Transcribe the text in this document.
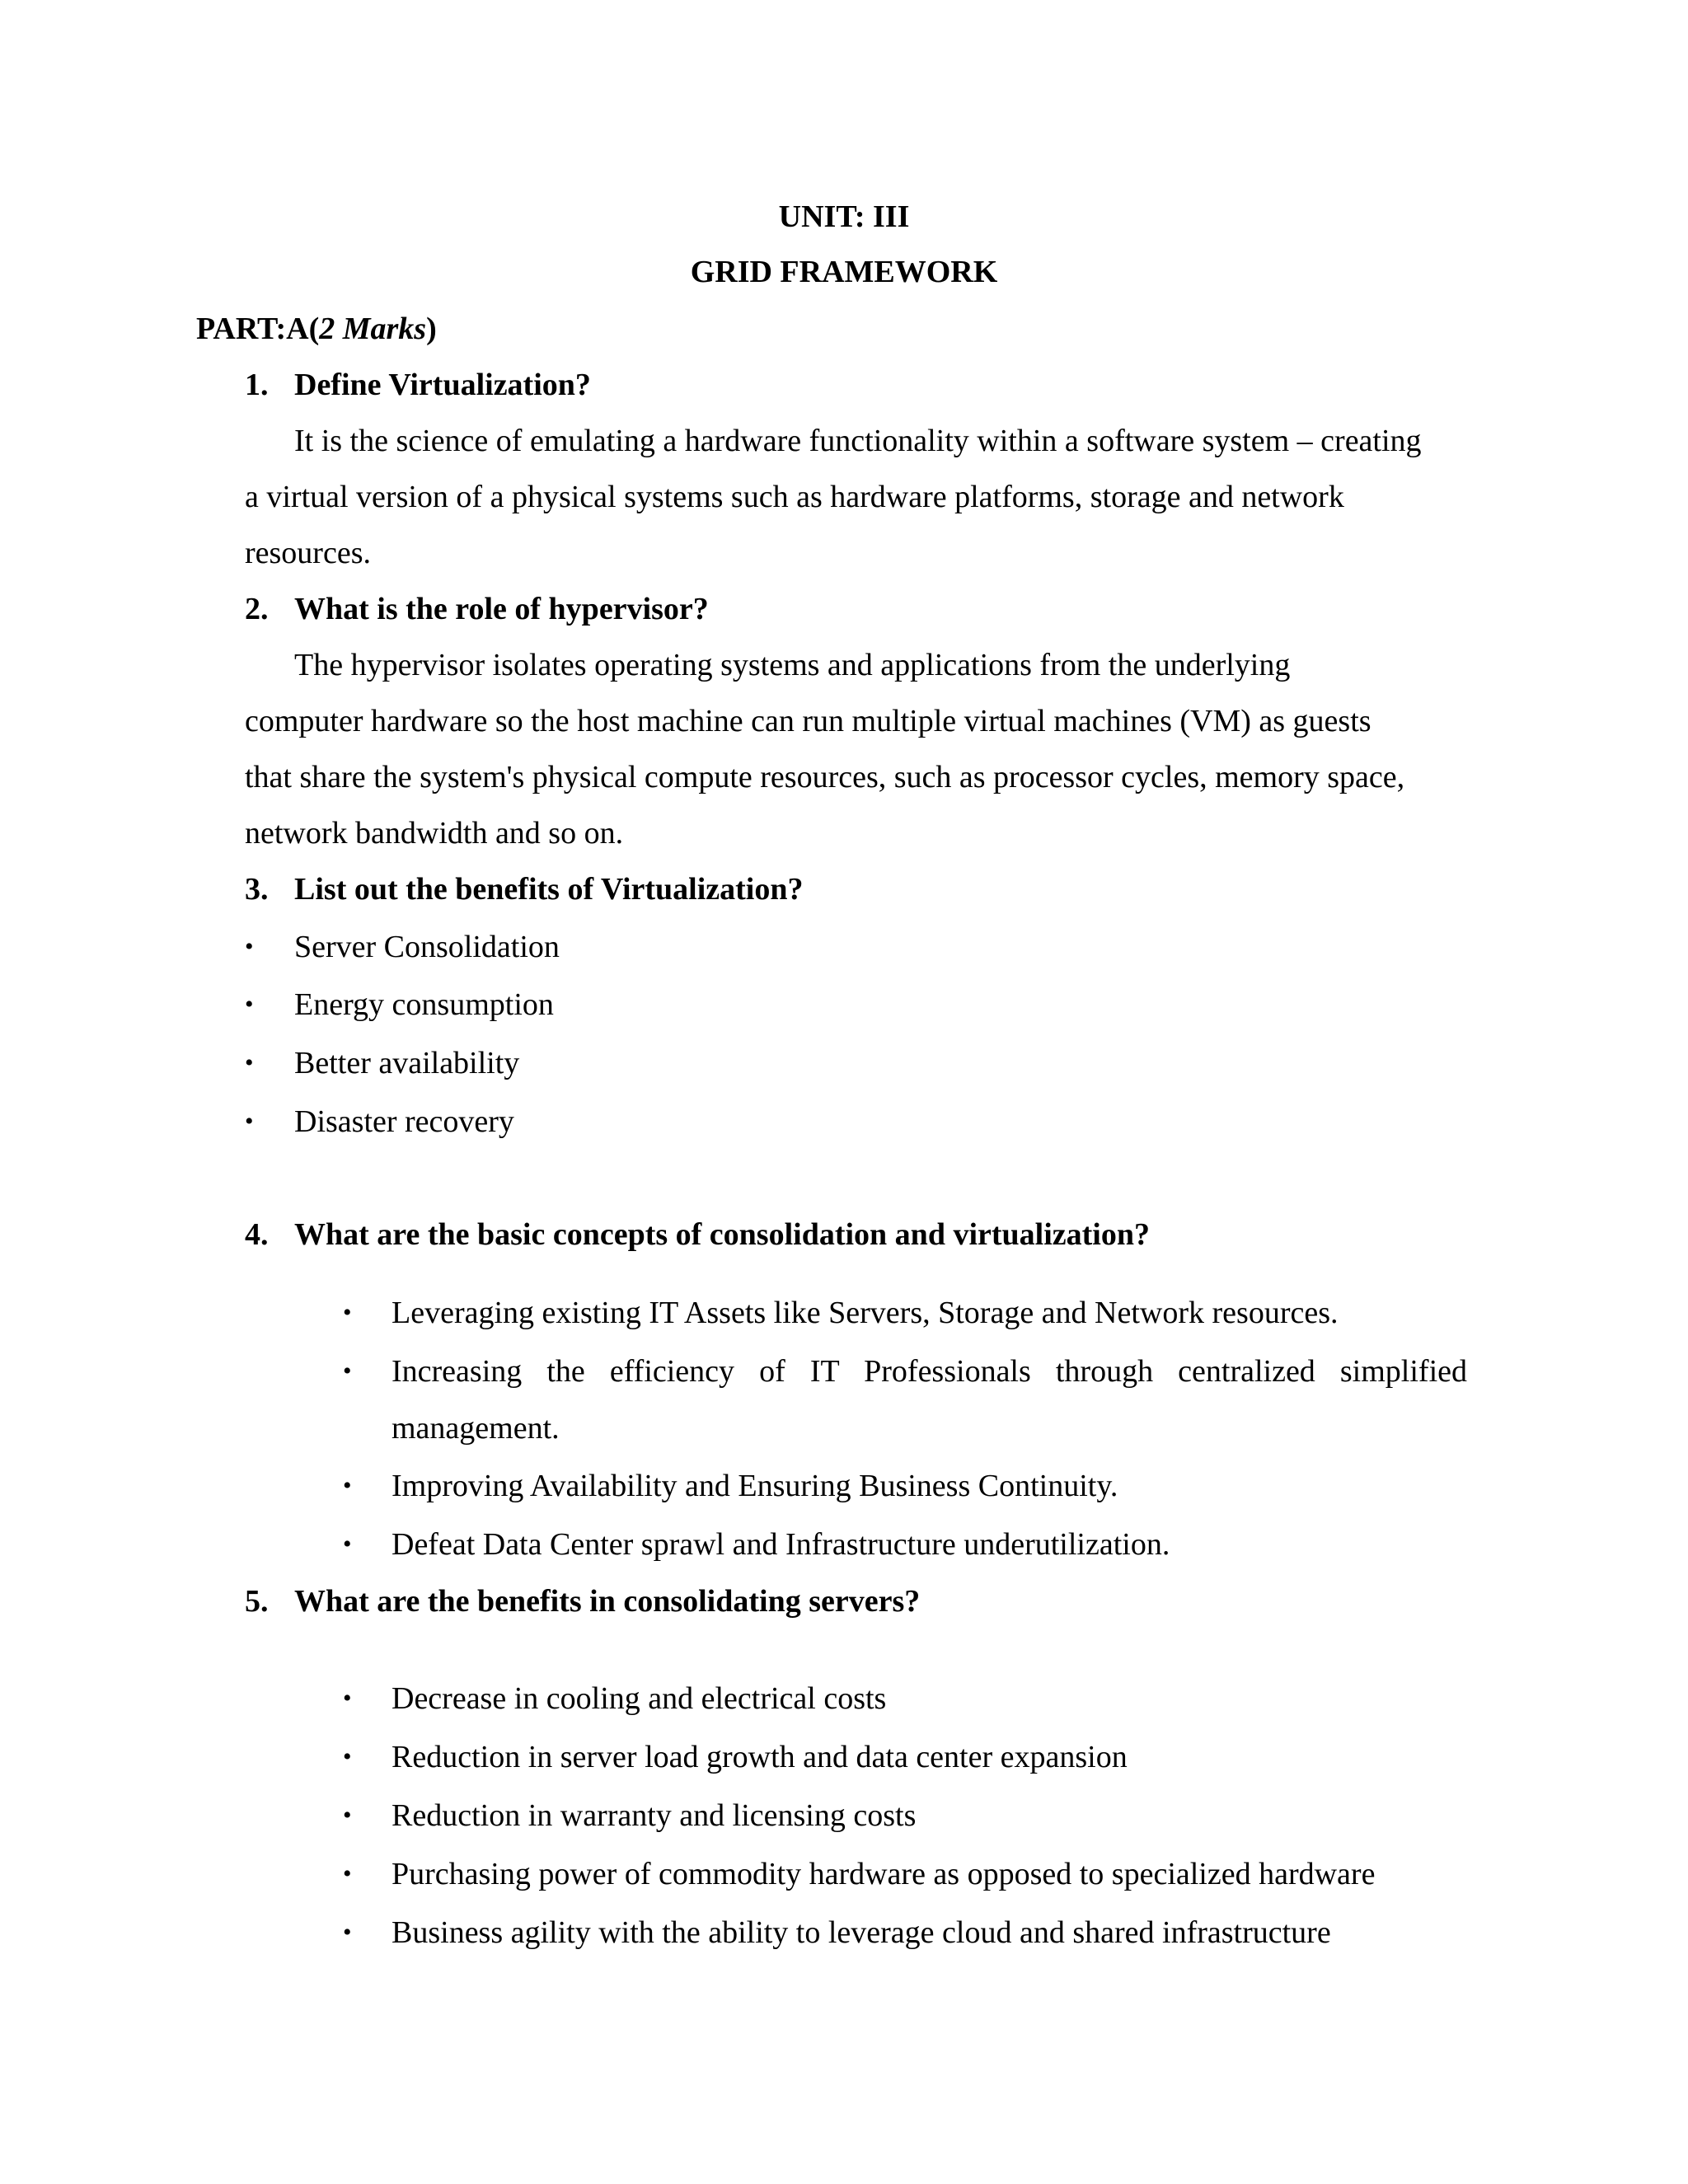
UNIT: III
GRID FRAMEWORK
PART:A(2 Marks)
1. Define Virtualization?
It is the science of emulating a hardware functionality within a software system – creating
a virtual version of a physical systems such as hardware platforms, storage and network
resources.
2. What is the role of hypervisor?
The hypervisor isolates operating systems and applications from the underlying
computer hardware so the host machine can run multiple virtual machines (VM) as guests
that share the system's physical compute resources, such as processor cycles, memory space,
network bandwidth and so on.
3. List out the benefits of Virtualization?
• Server Consolidation
• Energy consumption
• Better availability
• Disaster recovery
4. What are the basic concepts of consolidation and virtualization?
• Leveraging existing IT Assets like Servers, Storage and Network resources.
• Increasing the efficiency of IT Professionals through centralized simplified
management.
• Improving Availability and Ensuring Business Continuity.
• Defeat Data Center sprawl and Infrastructure underutilization.
5. What are the benefits in consolidating servers?
• Decrease in cooling and electrical costs
• Reduction in server load growth and data center expansion
• Reduction in warranty and licensing costs
• Purchasing power of commodity hardware as opposed to specialized hardware
• Business agility with the ability to leverage cloud and shared infrastructure
